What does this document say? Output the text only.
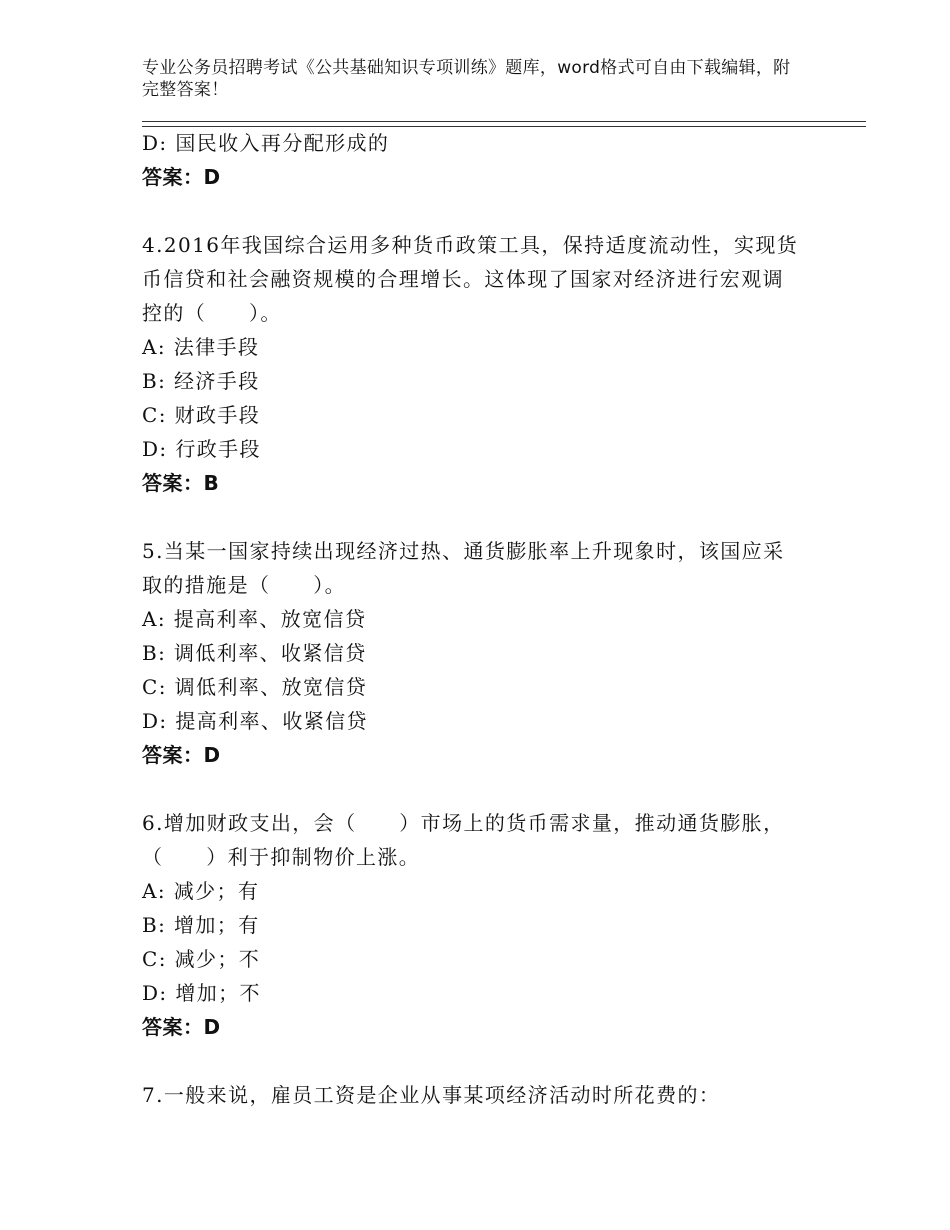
专业公务员招聘考试《公共基础知识专项训练》题库，word格式可自由下载编辑，附完整答案！
D: 国民收入再分配形成的
答案：D
4.2016年我国综合运用多种货币政策工具，保持适度流动性，实现货
币信贷和社会融资规模的合理增长。这体现了国家对经济进行宏观调
控的（　　）。
A: 法律手段
B: 经济手段
C: 财政手段
D: 行政手段
答案：B
5.当某一国家持续出现经济过热、通货膨胀率上升现象时，该国应采
取的措施是（　　）。
A: 提高利率、放宽信贷
B: 调低利率、收紧信贷
C: 调低利率、放宽信贷
D: 提高利率、收紧信贷
答案：D
6.增加财政支出，会（　　）市场上的货币需求量，推动通货膨胀，
（　　）利于抑制物价上涨。
A: 减少；有
B: 增加；有
C: 减少；不
D: 增加；不
答案：D
7.一般来说，雇员工资是企业从事某项经济活动时所花费的：
